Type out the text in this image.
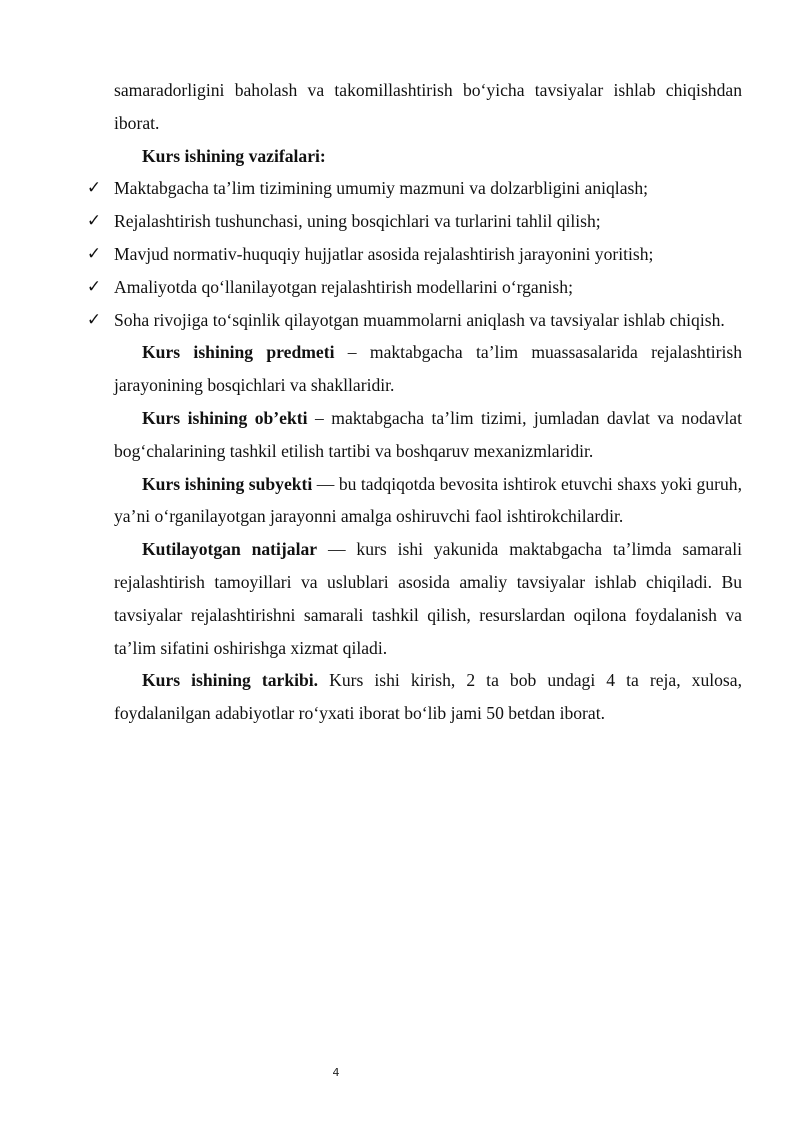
samaradorligini baholash va takomillashtirish bo‘yicha tavsiyalar ishlab chiqishdan iborat.

Kurs ishining vazifalari:

✓ Maktabgacha ta’lim tizimining umumiy mazmuni va dolzarbligini aniqlash;
✓ Rejalashtirish tushunchasi, uning bosqichlari va turlarini tahlil qilish;
✓ Mavjud normativ-huquqiy hujjatlar asosida rejalashtirish jarayonini yoritish;
✓ Amaliyotda qo‘llanilayotgan rejalashtirish modellarini o‘rganish;
✓ Soha rivojiga to‘sqinlik qilayotgan muammolarni aniqlash va tavsiyalar ishlab chiqish.

Kurs ishining predmeti – maktabgacha ta’lim muassasalarida rejalashtirish jarayonining bosqichlari va shakllaridir.

Kurs ishining ob’ekti – maktabgacha ta’lim tizimi, jumladan davlat va nodavlat bog‘chalarining tashkil etilish tartibi va boshqaruv mexanizmlaridir.

Kurs ishining subyekti — bu tadqiqotda bevosita ishtirok etuvchi shaxs yoki guruh, ya’ni o‘rganilayotgan jarayonni amalga oshiruvchi faol ishtirokchilardir.

Kutilayotgan natijalar — kurs ishi yakunida maktabgacha ta’limda samarali rejalashtirish tamoyillari va uslublari asosida amaliy tavsiyalar ishlab chiqiladi. Bu tavsiyalar rejalashtirishni samarali tashkil qilish, resurslardan oqilona foydalanish va ta’lim sifatini oshirishga xizmat qiladi.

Kurs ishining tarkibi. Kurs ishi kirish, 2 ta bob undagi 4 ta reja, xulosa, foydalanilgan adabiyotlar ro‘yxati iborat bo‘lib jami 50 betdan iborat.

4
